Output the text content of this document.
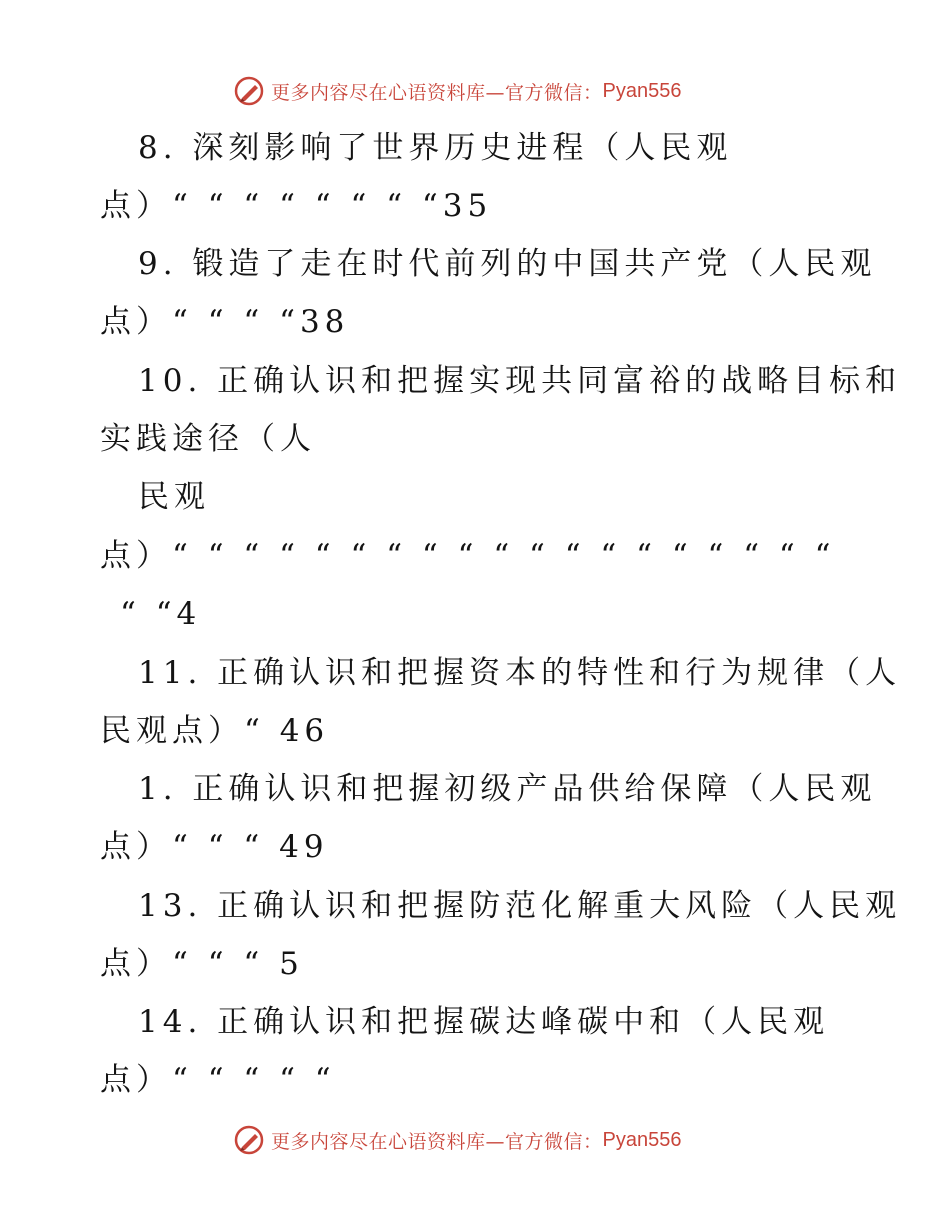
更多内容尽在心语资料库—官方微信： Pyan556
8. 深刻影响了世界历史进程（人民观
点）“ “ “ “ “ “ “ “35
9. 锻造了走在时代前列的中国共产党（人民观
点）“ “ “ “38
10. 正确认识和把握实现共同富裕的战略目标和
实践途径（人
民观
点）“ “ “ “ “ “ “ “ “ “ “ “ “ “ “ “ “ “ “
“ “4
11. 正确认识和把握资本的特性和行为规律（人
民观点）“ 46
1. 正确认识和把握初级产品供给保障（人民观
点）“ “ “ 49
13. 正确认识和把握防范化解重大风险（人民观
点）“ “ “ 5
14. 正确认识和把握碳达峰碳中和（人民观
点）“ “ “ “ “
更多内容尽在心语资料库—官方微信： Pyan556
